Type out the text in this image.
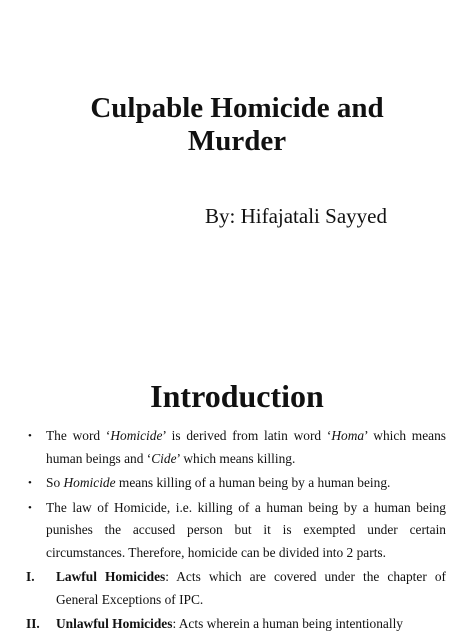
Culpable Homicide and
Murder
By: Hifajatali Sayyed
Introduction
• The word ‘Homicide’ is derived from latin word ‘Homa’ which means human beings and ‘Cide’ which means killing.
• So Homicide means killing of a human being by a human being.
• The law of Homicide, i.e. killing of a human being by a human being punishes the accused person but it is exempted under certain circumstances. Therefore, homicide can be divided into 2 parts.
I. Lawful Homicides: Acts which are covered under the chapter of General Exceptions of IPC.
II. Unlawful Homicides: Acts wherein a human being intentionally
